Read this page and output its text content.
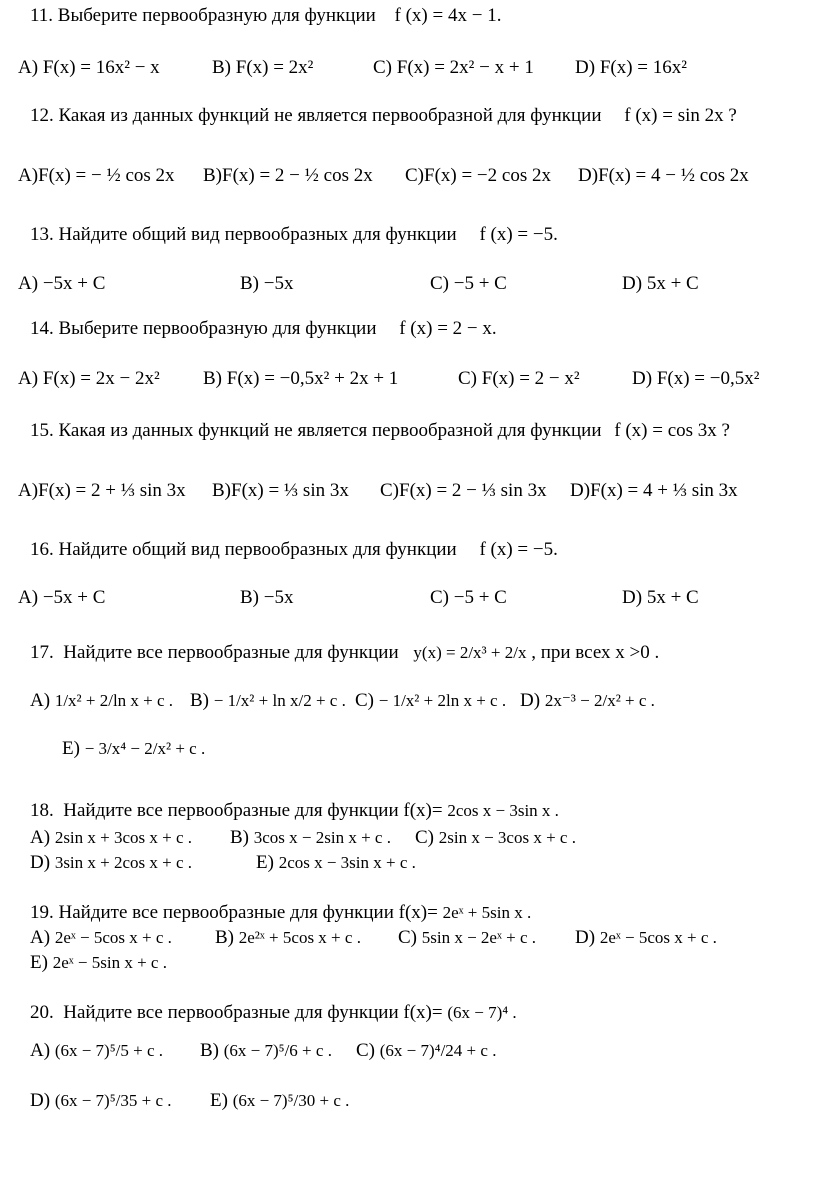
11. Выберите первообразную для функции f (x) = 4x − 1.
A) F(x) = 16x² − x	B) F(x) = 2x²	C) F(x) = 2x² − x + 1 D) F(x) = 16x²
12. Какая из данных функций не является первообразной для функции f (x) = sin 2x ?
A)F(x) = − ½ cos 2x B)F(x) = 2 − ½ cos 2x C)F(x) = −2 cos 2x D)F(x) = 4 − ½ cos 2x
13. Найдите общий вид первообразных для функции f (x) = −5.
A) −5x + C	B) −5x	C) −5 + C	D) 5x + C
14. Выберите первообразную для функции f (x) = 2 − x.
A) F(x) = 2x − 2x² B) F(x) = −0,5x² + 2x + 1	C) F(x) = 2 − x²	D) F(x) = −0,5x²
15. Какая из данных функций не является первообразной для функции f (x) = cos 3x ?
A)F(x) = 2 + ⅓ sin 3x B)F(x) = ⅓ sin 3x C)F(x) = 2 − ⅓ sin 3x D)F(x) = 4 + ⅓ sin 3x
16. Найдите общий вид первообразных для функции f (x) = −5.
A) −5x + C	B) −5x	C) −5 + C	D) 5x + C
17. Найдите все первообразные для функции y(x) = 2/x³ + 2/x , при всех x >0 .
A) 1/x² + 2/ln x + c . B) − 1/x² + ln x/2 + c . C) − 1/x² + 2ln x + c . D) 2x⁻³ − 2/x² + c .
E) − 3/x⁴ − 2/x² + c .
18. Найдите все первообразные для функции f(x)= 2cos x − 3sin x .
A) 2sin x + 3cos x + c . B) 3cos x − 2sin x + c . C) 2sin x − 3cos x + c .
D) 3sin x + 2cos x + c .	E) 2cos x − 3sin x + c .
19. Найдите все первообразные для функции f(x)= 2eˣ + 5sin x .
A) 2eˣ − 5cos x + c . B) 2e²ˣ + 5cos x + c . C) 5sin x − 2eˣ + c . D) 2eˣ − 5cos x + c .
E) 2eˣ − 5sin x + c .
20. Найдите все первообразные для функции f(x)= (6x − 7)⁴ .
A) (6x − 7)⁵/5 + c . B) (6x − 7)⁵/6 + c . C) (6x − 7)⁴/24 + c .
D) (6x − 7)⁵/35 + c . E) (6x − 7)⁵/30 + c .
